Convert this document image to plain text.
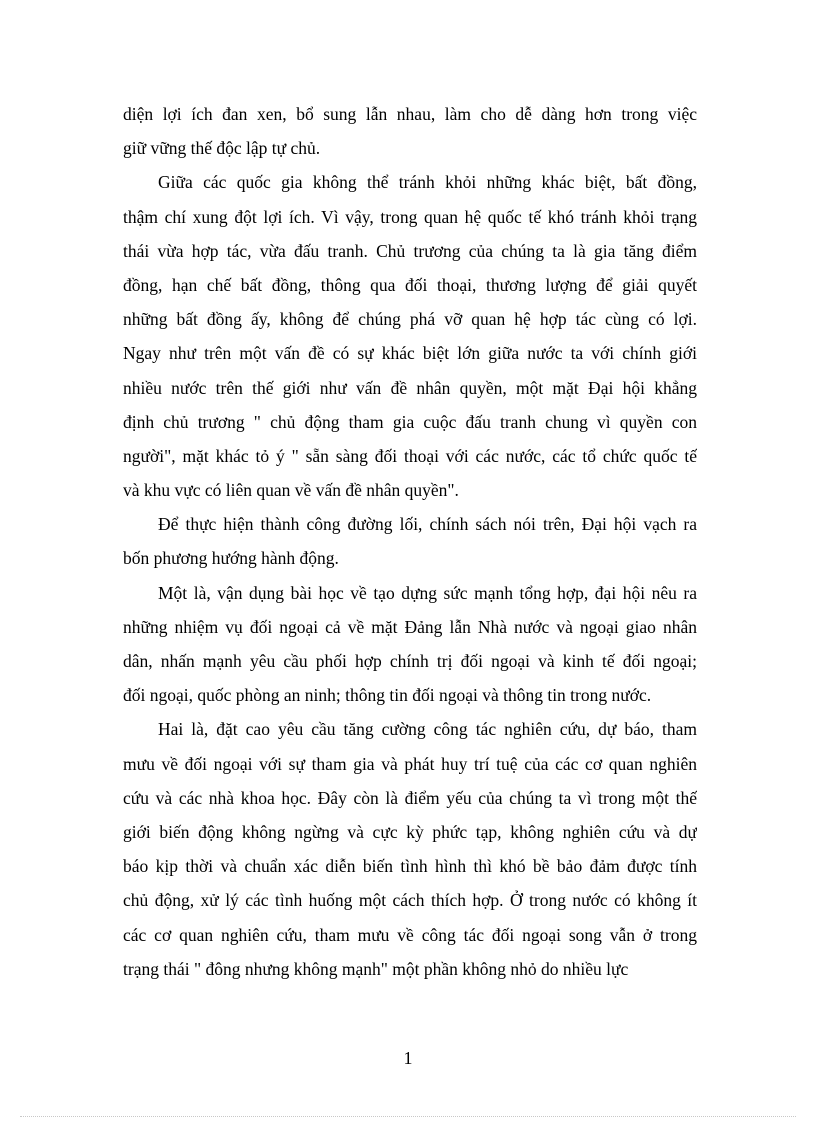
diện lợi ích đan xen, bổ sung lẫn nhau, làm cho dễ dàng hơn trong việc
giữ vững thế độc lập tự chủ.
Giữa các quốc gia không thể tránh khỏi những khác biệt, bất đồng,
thậm chí xung đột lợi ích. Vì vậy, trong quan hệ quốc tế khó tránh khỏi trạng
thái vừa hợp tác, vừa đấu tranh. Chủ trương của chúng ta là gia tăng điểm
đồng, hạn chế bất đồng, thông qua đối thoại, thương lượng để giải quyết
những bất đồng ấy, không để chúng phá vỡ quan hệ hợp tác cùng có lợi.
Ngay như trên một vấn đề có sự khác biệt lớn giữa nước ta với chính giới
nhiều nước trên thế giới như vấn đề nhân quyền, một mặt Đại hội khẳng
định chủ trương " chủ động tham gia cuộc đấu tranh chung vì quyền con
người", mặt khác tỏ ý " sẵn sàng đối thoại với các nước, các tổ chức quốc tế
và khu vực có liên quan về vấn đề nhân quyền".
Để thực hiện thành công đường lối, chính sách nói trên, Đại hội vạch ra
bốn phương hướng hành động.
Một là, vận dụng bài học về tạo dựng sức mạnh tổng hợp, đại hội nêu ra
những nhiệm vụ đối ngoại cả về mặt Đảng lẫn Nhà nước và ngoại giao nhân
dân, nhấn mạnh yêu cầu phối hợp chính trị đối ngoại và kinh tế đối ngoại;
đối ngoại, quốc phòng an ninh; thông tin đối ngoại và thông tin trong nước.
Hai là, đặt cao yêu cầu tăng cường công tác nghiên cứu, dự báo, tham
mưu về đối ngoại với sự tham gia và phát huy trí tuệ của các cơ quan nghiên
cứu và các nhà khoa học. Đây còn là điểm yếu của chúng ta vì trong một thế
giới biến động không ngừng và cực kỳ phức tạp, không nghiên cứu và dự
báo kịp thời và chuẩn xác diễn biến tình hình thì khó bề bảo đảm được tính
chủ động, xử lý các tình huống một cách thích hợp. Ở trong nước có không ít
các cơ quan nghiên cứu, tham mưu về công tác đối ngoại song vẫn ở trong
trạng thái " đông nhưng không mạnh" một phần không nhỏ do nhiều lực
1
